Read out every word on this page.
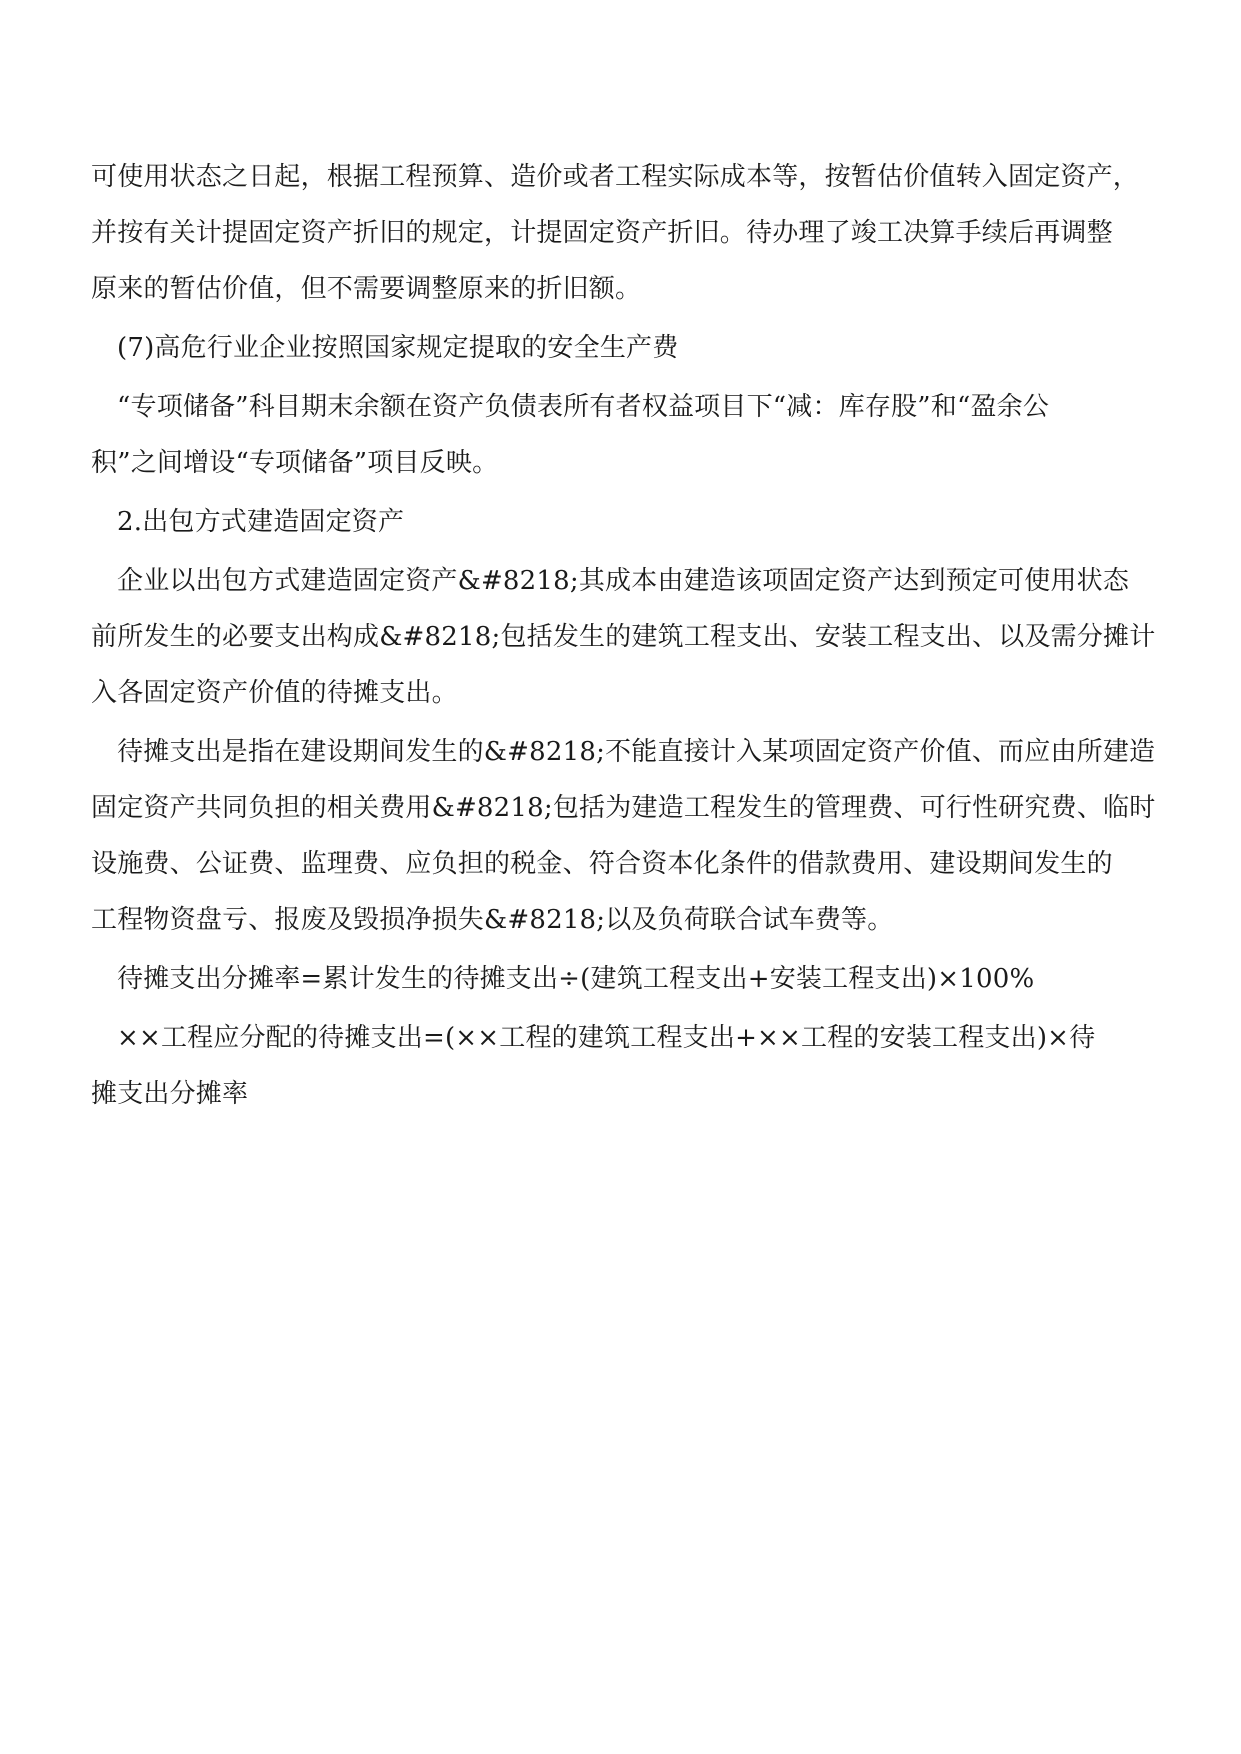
可使用状态之日起，根据工程预算、造价或者工程实际成本等，按暂估价值转入固定资产，
并按有关计提固定资产折旧的规定，计提固定资产折旧。待办理了竣工决算手续后再调整
原来的暂估价值，但不需要调整原来的折旧额。
(7)高危行业企业按照国家规定提取的安全生产费
“专项储备”科目期末余额在资产负债表所有者权益项目下“减：库存股”和“盈余公
积”之间增设“专项储备”项目反映。
2.出包方式建造固定资产
企业以出包方式建造固定资产&#8218;其成本由建造该项固定资产达到预定可使用状态
前所发生的必要支出构成&#8218;包括发生的建筑工程支出、安装工程支出、以及需分摊计
入各固定资产价值的待摊支出。
待摊支出是指在建设期间发生的&#8218;不能直接计入某项固定资产价值、而应由所建造
固定资产共同负担的相关费用&#8218;包括为建造工程发生的管理费、可行性研究费、临时
设施费、公证费、监理费、应负担的税金、符合资本化条件的借款费用、建设期间发生的
工程物资盘亏、报废及毁损净损失&#8218;以及负荷联合试车费等。
待摊支出分摊率=累计发生的待摊支出÷(建筑工程支出+安装工程支出)×100%
××工程应分配的待摊支出=(××工程的建筑工程支出+××工程的安装工程支出)×待
摊支出分摊率
